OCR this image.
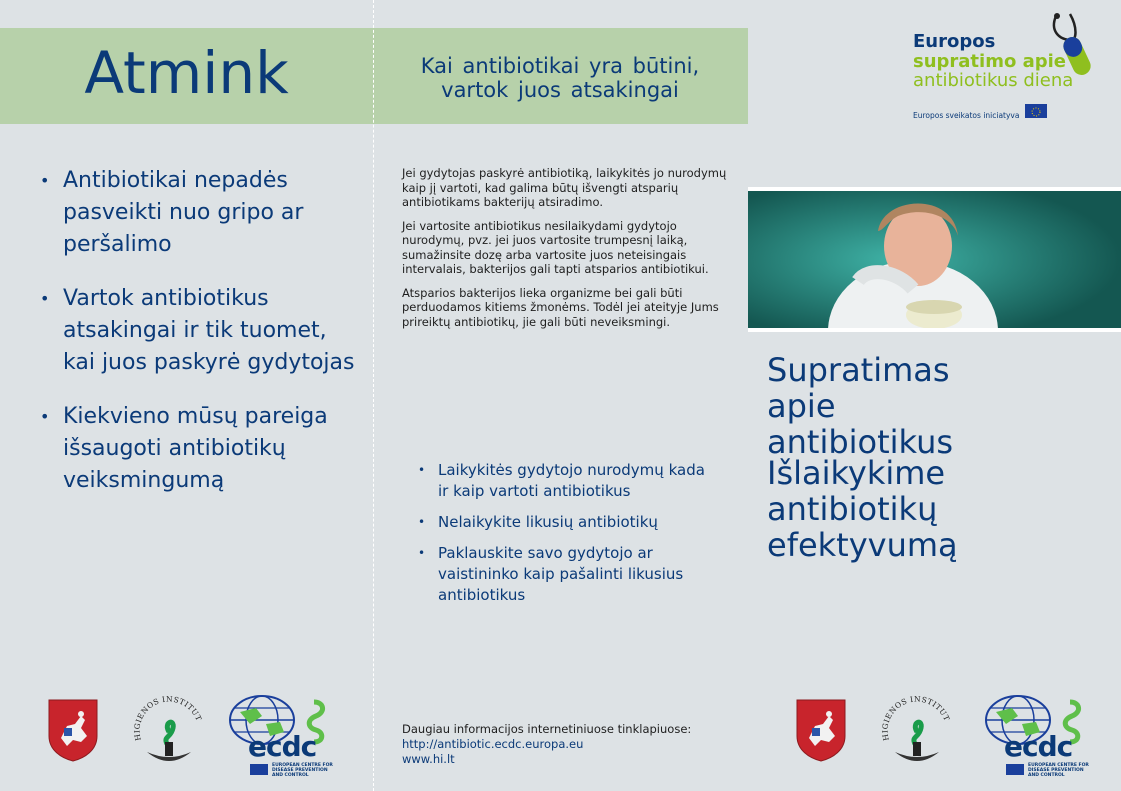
Atmink
• Antibiotikai nepadės pasveikti nuo gripo ar peršalimo
• Vartok antibiotikus atsakingai ir tik tuomet, kai juos paskyrė gydytojas
• Kiekvieno mūsų pareiga išsaugoti antibiotikų veiksmingumą
Kai antibiotikai yra būtini, vartok juos atsakingai

Jei gydytojas paskyrė antibiotiką, laikykitės jo nurodymų kaip jį vartoti, kad galima būtų išvengti atsparių antibiotikams bakterijų atsiradimo.

Jei vartosite antibiotikus nesilaikydami gydytojo nurodymų, pvz. jei juos vartosite trumpesnį laiką, sumažinsite dozę arba vartosite juos neteisingais intervalais, bakterijos gali tapti atsparios antibiotikui.

Atsparios bakterijos lieka organizme bei gali būti perduodamos kitiems žmonėms. Todėl jei ateityje Jums prireiktų antibiotikų, jie gali būti neveiksmingi.

• Laikykitės gydytojo nurodymų kada ir kaip vartoti antibiotikus
• Nelaikykite likusių antibiotikų
• Paklauskite savo gydytojo ar vaistininko kaip pašalinti likusius antibiotikus
Daugiau informacijos internetiniuose tinklapiuose:
http://antibiotic.ecdc.europa.eu
www.hi.lt
Europos
supratimo apie
antibiotikus diena
Europos sveikatos iniciatyva
Supratimas apie antibiotikus
Išlaikykime antibiotikų efektyvumą
HIGIENOS INSTITUT
ecdc
EUROPEAN CENTRE FOR
DISEASE PREVENTION
AND CONTROL
HIGIENOS INSTITUT
ecdc
EUROPEAN CENTRE FOR
DISEASE PREVENTION
AND CONTROL
